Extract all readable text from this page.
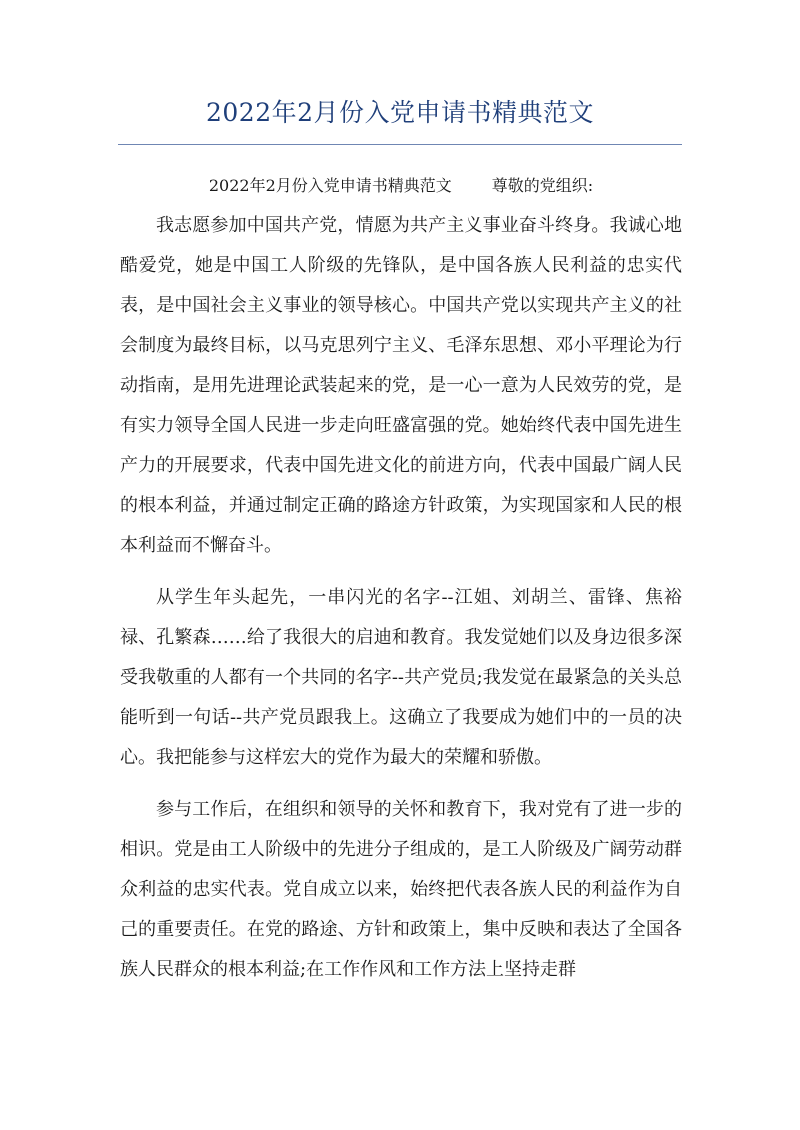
2022年2月份入党申请书精典范文

2022年2月份入党申请书精典范文	尊敬的党组织:

我志愿参加中国共产党，情愿为共产主义事业奋斗终身。我诚心地酷爱党，她是中国工人阶级的先锋队，是中国各族人民利益的忠实代表，是中国社会主义事业的领导核心。中国共产党以实现共产主义的社会制度为最终目标，以马克思列宁主义、毛泽东思想、邓小平理论为行动指南，是用先进理论武装起来的党，是一心一意为人民效劳的党，是有实力领导全国人民进一步走向旺盛富强的党。她始终代表中国先进生产力的开展要求，代表中国先进文化的前进方向，代表中国最广阔人民的根本利益，并通过制定正确的路途方针政策，为实现国家和人民的根本利益而不懈奋斗。

从学生年头起先，一串闪光的名字--江姐、刘胡兰、雷锋、焦裕禄、孔繁森……给了我很大的启迪和教育。我发觉她们以及身边很多深受我敬重的人都有一个共同的名字--共产党员;我发觉在最紧急的关头总能听到一句话--共产党员跟我上。这确立了我要成为她们中的一员的决心。我把能参与这样宏大的党作为最大的荣耀和骄傲。

参与工作后，在组织和领导的关怀和教育下，我对党有了进一步的相识。党是由工人阶级中的先进分子组成的，是工人阶级及广阔劳动群众利益的忠实代表。党自成立以来，始终把代表各族人民的利益作为自己的重要责任。在党的路途、方针和政策上，集中反映和表达了全国各族人民群众的根本利益;在工作作风和工作方法上坚持走群
